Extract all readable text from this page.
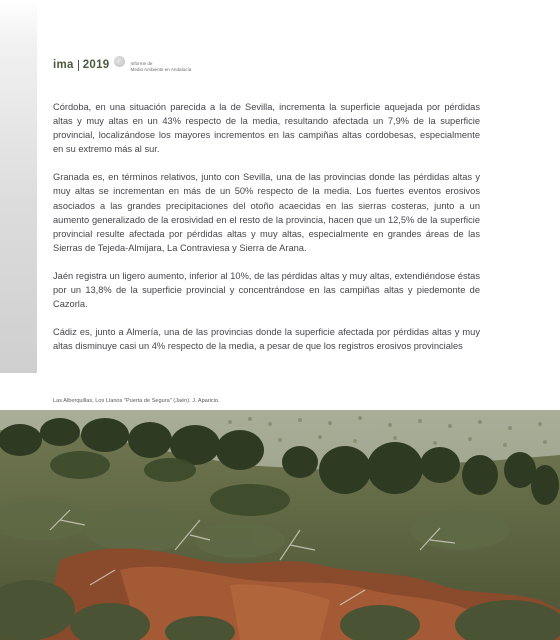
ima 2019	Informe de
Medio Ambiente en Andalucía

Córdoba, en una situación parecida a la de Sevilla, incrementa la superficie aquejada por pérdidas altas y muy altas en un 43% respecto de la media, resultando afectada un 7,9% de la superficie provincial, localizándose los mayores incrementos en las campiñas altas cordobesas, especialmente en su extremo más al sur.

Granada es, en términos relativos, junto con Sevilla, una de las provincias donde las pérdidas altas y muy altas se incrementan en más de un 50% respecto de la media. Los fuertes eventos erosivos asociados a las grandes precipitaciones del otoño acaecidas en las sierras costeras, junto a un aumento generalizado de la erosividad en el resto de la provincia, hacen que un 12,5% de la superficie provincial resulte afectada por pérdidas altas y muy altas, especialmente en grandes áreas de las Sierras de Tejeda-Almijara, La Contraviesa y Sierra de Arana.

Jaén registra un ligero aumento, inferior al 10%, de las pérdidas altas y muy altas, extendiéndose éstas por un 13,8% de la superficie provincial y concentrándose en las campiñas altas y piedemonte de Cazorla.

Cádiz es, junto a Almería, una de las provincias donde la superficie afectada por pérdidas altas y muy altas disminuye casi un 4% respecto de la media, a pesar de que los registros erosivos provinciales

Las Alberquillas, Los Llanos "Puerta de Segura" (Jaén). J. Aparicio.
